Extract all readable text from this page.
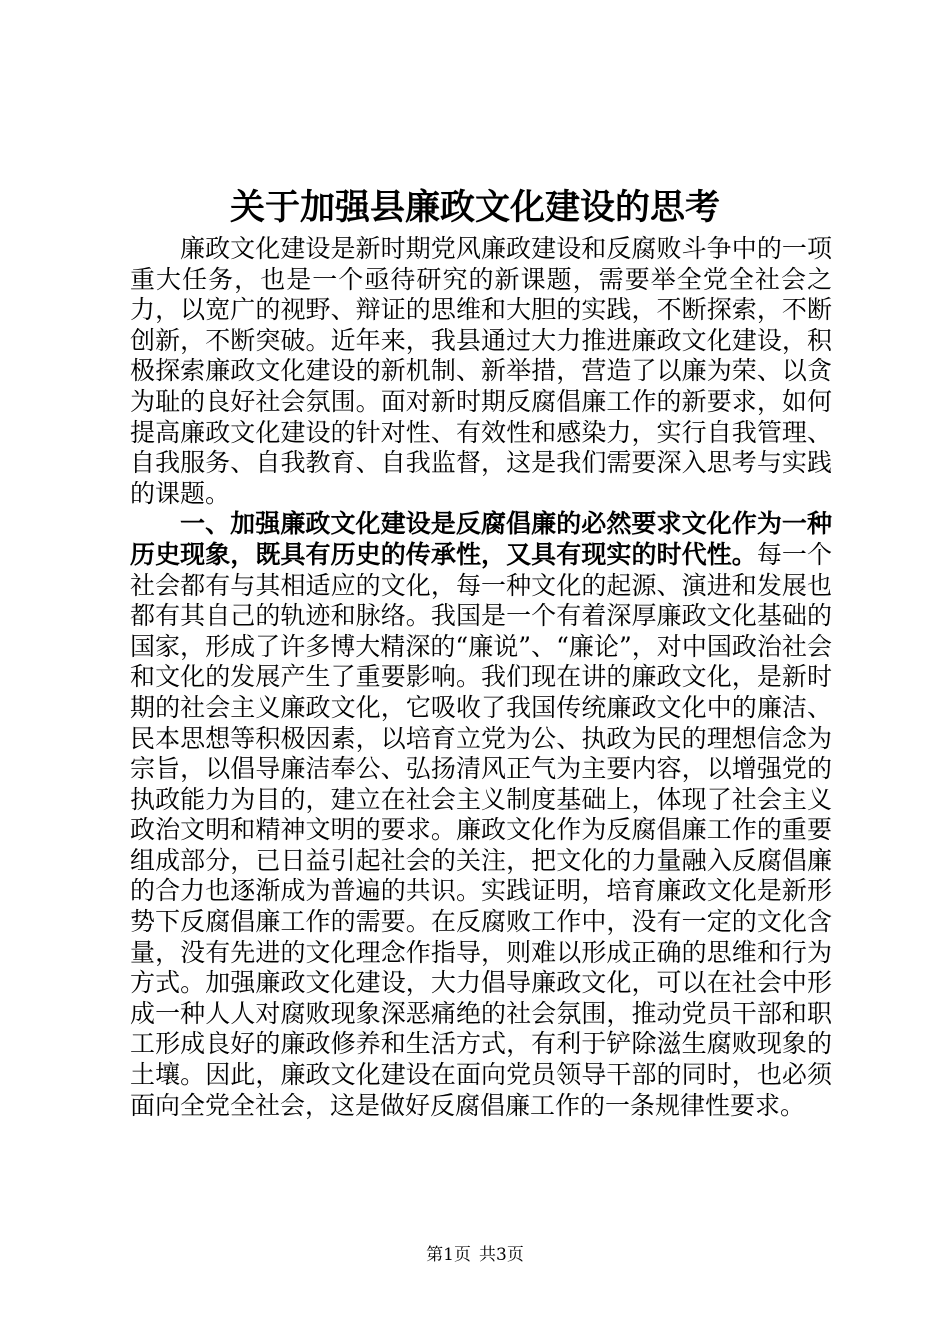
关于加强县廉政文化建设的思考

廉政文化建设是新时期党风廉政建设和反腐败斗争中的一项重大任务，也是一个亟待研究的新课题，需要举全党全社会之力，以宽广的视野、辩证的思维和大胆的实践，不断探索，不断创新，不断突破。近年来，我县通过大力推进廉政文化建设，积极探索廉政文化建设的新机制、新举措，营造了以廉为荣、以贪为耻的良好社会氛围。面对新时期反腐倡廉工作的新要求，如何提高廉政文化建设的针对性、有效性和感染力，实行自我管理、自我服务、自我教育、自我监督，这是我们需要深入思考与实践的课题。

一、加强廉政文化建设是反腐倡廉的必然要求文化作为一种历史现象，既具有历史的传承性，又具有现实的时代性。每一个社会都有与其相适应的文化，每一种文化的起源、演进和发展也都有其自己的轨迹和脉络。我国是一个有着深厚廉政文化基础的国家，形成了许多博大精深的“廉说”、“廉论”，对中国政治社会和文化的发展产生了重要影响。我们现在讲的廉政文化，是新时期的社会主义廉政文化，它吸收了我国传统廉政文化中的廉洁、民本思想等积极因素，以培育立党为公、执政为民的理想信念为宗旨，以倡导廉洁奉公、弘扬清风正气为主要内容，以增强党的执政能力为目的，建立在社会主义制度基础上，体现了社会主义政治文明和精神文明的要求。廉政文化作为反腐倡廉工作的重要组成部分，已日益引起社会的关注，把文化的力量融入反腐倡廉的合力也逐渐成为普遍的共识。实践证明，培育廉政文化是新形势下反腐倡廉工作的需要。在反腐败工作中，没有一定的文化含量，没有先进的文化理念作指导，则难以形成正确的思维和行为方式。加强廉政文化建设，大力倡导廉政文化，可以在社会中形成一种人人对腐败现象深恶痛绝的社会氛围，推动党员干部和职工形成良好的廉政修养和生活方式，有利于铲除滋生腐败现象的土壤。因此，廉政文化建设在面向党员领导干部的同时，也必须面向全党全社会，这是做好反腐倡廉工作的一条规律性要求。

第1页 共3页
